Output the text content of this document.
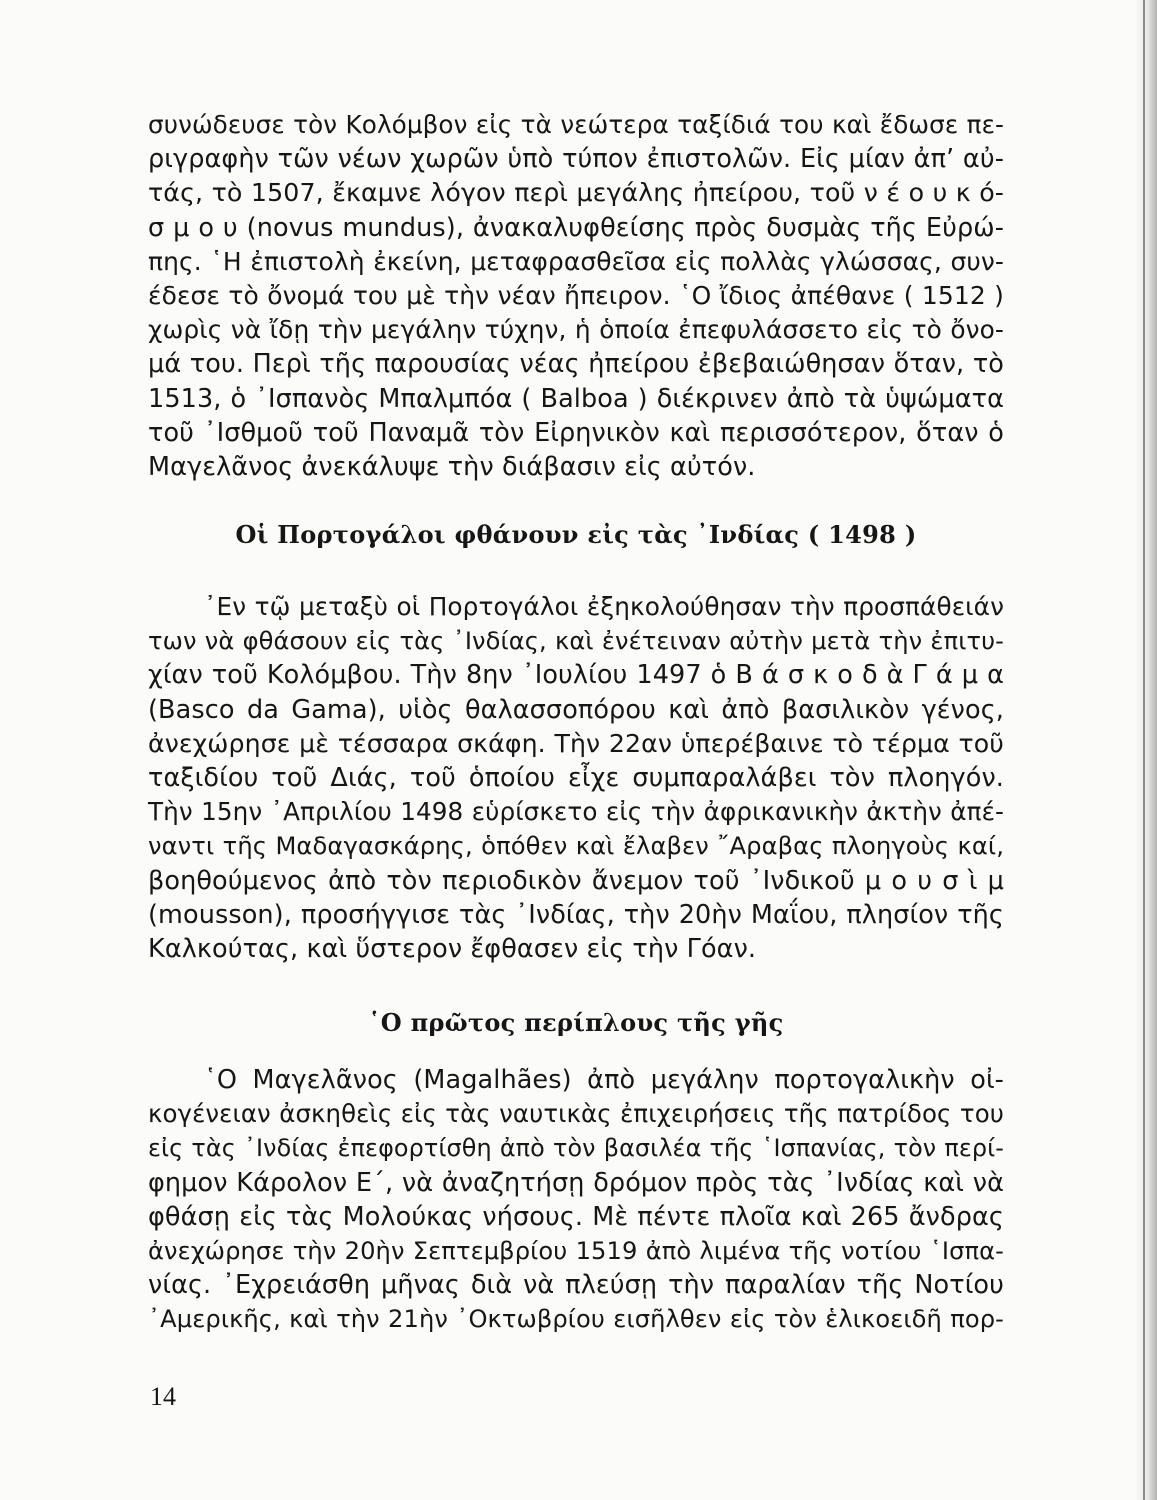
συνώδευσε τὸν Κολόμβον εἰς τὰ νεώτερα ταξίδιά του καὶ ἔδωσε πε-
ριγραφὴν τῶν νέων χωρῶν ὑπὸ τύπον ἐπιστολῶν. Εἰς μίαν ἀπ’ αὐ-
τάς, τὸ 1507, ἔκαμνε λόγον περὶ μεγάλης ἠπείρου, τοῦ ν έ ο υ κ ό-
σ μ ο υ (novus mundus), ἀνακαλυφθείσης πρὸς δυσμὰς τῆς Εὐρώ-
πης. ῾Η ἐπιστολὴ ἐκείνη, μεταφρασθεῖσα εἰς πολλὰς γλώσσας, συν-
έδεσε τὸ ὄνομά του μὲ τὴν νέαν ἤπειρον. ῾Ο ἴδιος ἀπέθανε ( 1512 )
χωρὶς νὰ ἴδῃ τὴν μεγάλην τύχην, ἡ ὁποία ἐπεφυλάσσετο εἰς τὸ ὄνο-
μά του. Περὶ τῆς παρουσίας νέας ἠπείρου ἐβεβαιώθησαν ὅταν, τὸ
1513, ὁ ᾿Ισπανὸς Μπαλμπόα ( Balboa ) διέκρινεν ἀπὸ τὰ ὑψώματα
τοῦ ᾿Ισθμοῦ τοῦ Παναμᾶ τὸν Εἰρηνικὸν καὶ περισσότερον, ὅταν ὁ
Μαγελᾶνος ἀνεκάλυψε τὴν διάβασιν εἰς αὐτόν.
Οἱ Πορτογάλοι φθάνουν εἰς τὰς ᾿Ινδίας ( 1498 )
᾿Εν τῷ μεταξὺ οἱ Πορτογάλοι ἐξηκολούθησαν τὴν προσπάθειάν
των νὰ φθάσουν εἰς τὰς ᾿Ινδίας, καὶ ἐνέτειναν αὐτὴν μετὰ τὴν ἐπιτυ-
χίαν τοῦ Κολόμβου. Τὴν 8ην ᾿Ιουλίου 1497 ὁ Β ά σ κ ο δ ὰ Γ ά μ α
(Basco da Gama), υἱὸς θαλασσοπόρου καὶ ἀπὸ βασιλικὸν γένος,
ἀνεχώρησε μὲ τέσσαρα σκάφη. Τὴν 22αν ὑπερέβαινε τὸ τέρμα τοῦ
ταξιδίου τοῦ Διάς, τοῦ ὁποίου εἶχε συμπαραλάβει τὸν πλοηγόν.
Τὴν 15ην ᾿Απριλίου 1498 εὑρίσκετο εἰς τὴν ἀφρικανικὴν ἀκτὴν ἀπέ-
ναντι τῆς Μαδαγασκάρης, ὁπόθεν καὶ ἔλαβεν ῎Αραβας πλοηγοὺς καί,
βοηθούμενος ἀπὸ τὸν περιοδικὸν ἄνεμον τοῦ ᾿Ινδικοῦ μ ο υ σ ὶ μ
(mousson), προσήγγισε τὰς ᾿Ινδίας, τὴν 20ὴν Μαΐου, πλησίον τῆς
Καλκούτας, καὶ ὕστερον ἔφθασεν εἰς τὴν Γόαν.
῾Ο πρῶτος περίπλους τῆς γῆς
῾Ο Μαγελᾶνος (Magalhães) ἀπὸ μεγάλην πορτογαλικὴν οἰ-
κογένειαν ἀσκηθεὶς εἰς τὰς ναυτικὰς ἐπιχειρήσεις τῆς πατρίδος του
εἰς τὰς ᾿Ινδίας ἐπεφορτίσθη ἀπὸ τὸν βασιλέα τῆς ῾Ισπανίας, τὸν περί-
φημον Κάρολον Ε΄, νὰ ἀναζητήσῃ δρόμον πρὸς τὰς ᾿Ινδίας καὶ νὰ
φθάσῃ εἰς τὰς Μολούκας νήσους. Μὲ πέντε πλοῖα καὶ 265 ἄνδρας
ἀνεχώρησε τὴν 20ὴν Σεπτεμβρίου 1519 ἀπὸ λιμένα τῆς νοτίου ῾Ισπα-
νίας. ᾿Εχρειάσθη μῆνας διὰ νὰ πλεύσῃ τὴν παραλίαν τῆς Νοτίου
᾿Αμερικῆς, καὶ τὴν 21ὴν ᾿Οκτωβρίου εισῆλθεν εἰς τὸν ἑλικοειδῆ πορ-
14
